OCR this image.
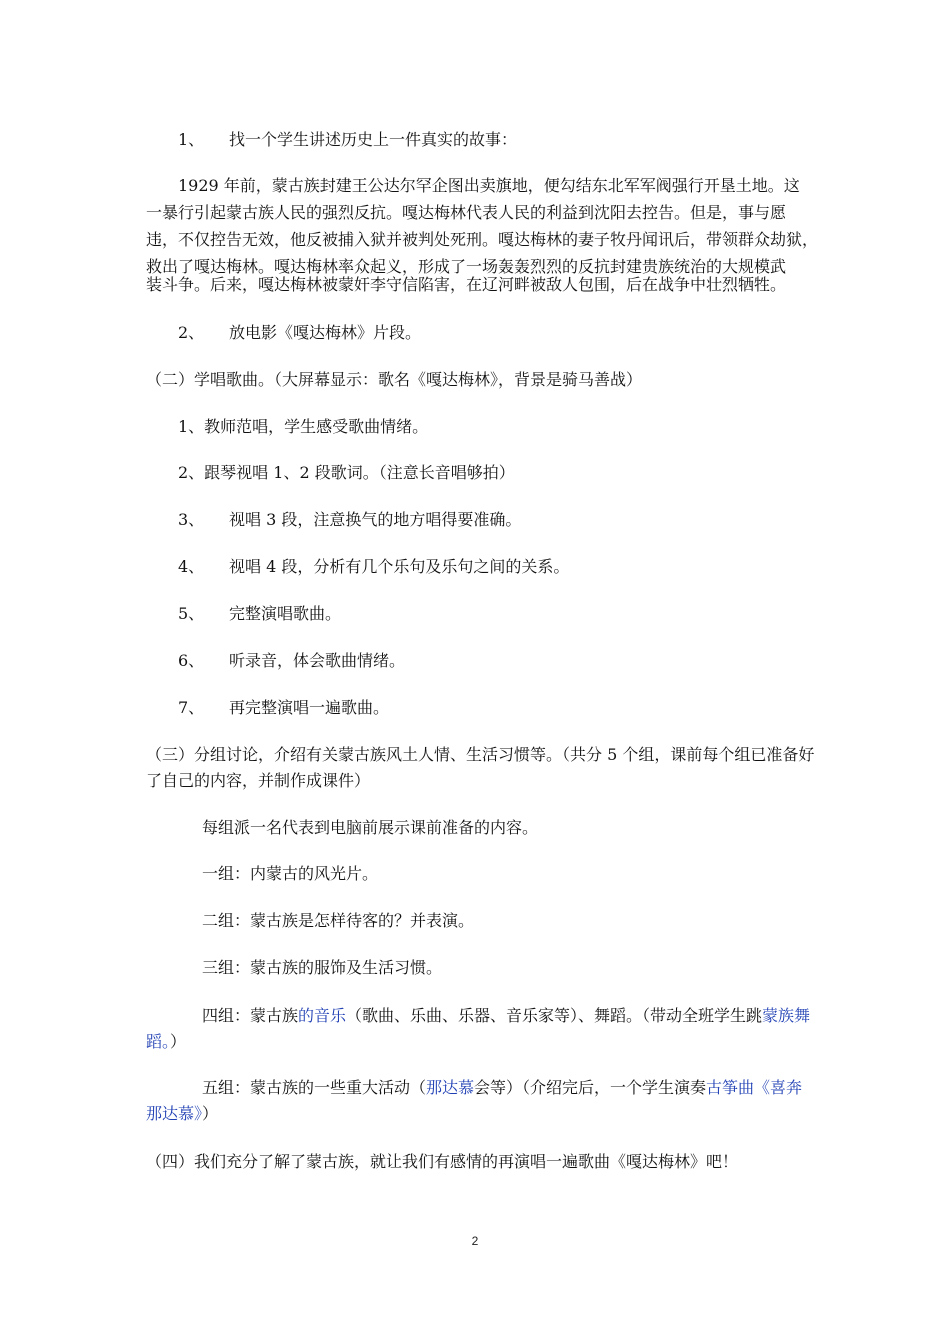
1、 找一个学生讲述历史上一件真实的故事：
1929 年前，蒙古族封建王公达尔罕企图出卖旗地，便勾结东北军军阀强行开垦土地。这
一暴行引起蒙古族人民的强烈反抗。嘎达梅林代表人民的利益到沈阳去控告。但是，事与愿
违，不仅控告无效，他反被捕入狱并被判处死刑。嘎达梅林的妻子牧丹闻讯后，带领群众劫狱，
救出了嘎达梅林。嘎达梅林率众起义，形成了一场轰轰烈烈的反抗封建贵族统治的大规模武
装斗争。后来，嘎达梅林被蒙奸李守信陷害，在辽河畔被敌人包围，后在战争中壮烈牺牲。
2、 放电影《嘎达梅林》片段。
（二）学唱歌曲。（大屏幕显示：歌名《嘎达梅林》，背景是骑马善战）
1、教师范唱，学生感受歌曲情绪。
2、跟琴视唱 1、2 段歌词。（注意长音唱够拍）
3、 视唱 3 段，注意换气的地方唱得要准确。
4、 视唱 4 段，分析有几个乐句及乐句之间的关系。
5、 完整演唱歌曲。
6、 听录音，体会歌曲情绪。
7、 再完整演唱一遍歌曲。
（三）分组讨论，介绍有关蒙古族风土人情、生活习惯等。（共分 5 个组，课前每个组已准备好
了自己的内容，并制作成课件）
每组派一名代表到电脑前展示课前准备的内容。
一组：内蒙古的风光片。
二组：蒙古族是怎样待客的？并表演。
三组：蒙古族的服饰及生活习惯。
四组：蒙古族的音乐（歌曲、乐曲、乐器、音乐家等）、舞蹈。（带动全班学生跳蒙族舞
蹈。）
五组：蒙古族的一些重大活动（那达慕会等）（介绍完后，一个学生演奏古筝曲《喜奔
那达慕》）
（四）我们充分了解了蒙古族，就让我们有感情的再演唱一遍歌曲《嘎达梅林》吧！
2
